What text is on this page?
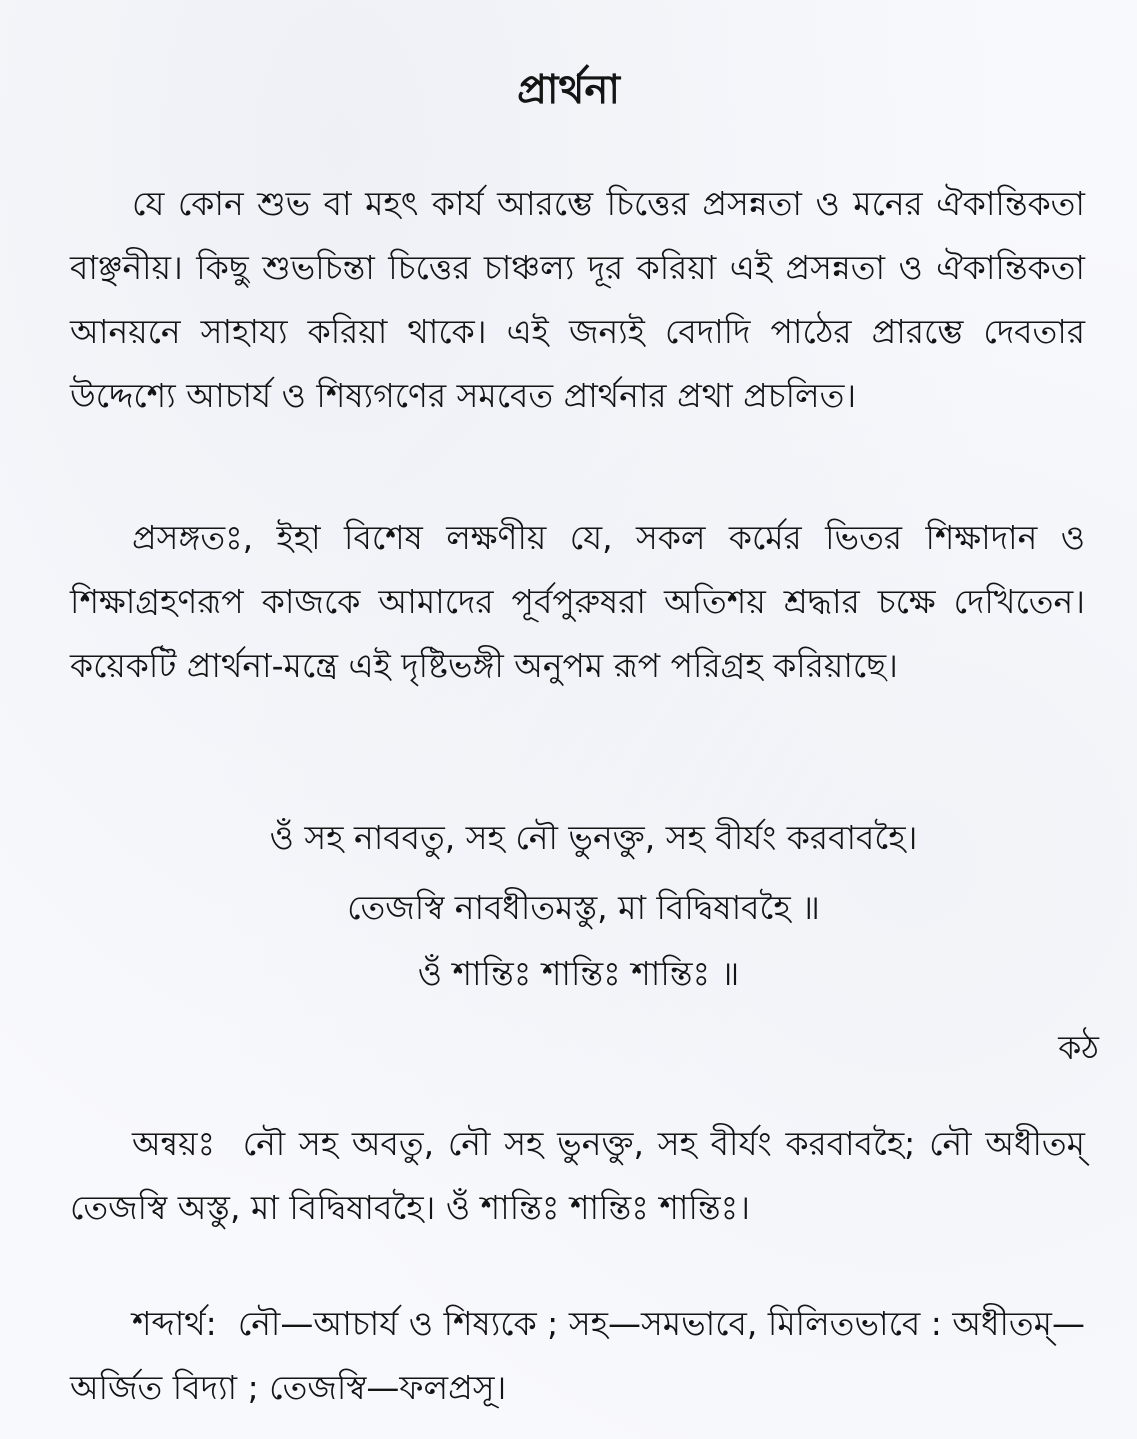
প্রার্থনা
যে কোন শুভ বা মহৎ কার্য আরম্ভে চিত্তের প্রসন্নতা ও মনের ঐকান্তিকতা বাঞ্ছনীয়। কিছু শুভচিন্তা চিত্তের চাঞ্চল্য দূর করিয়া এই প্রসন্নতা ও ঐকান্তিকতা আনয়নে সাহায্য করিয়া থাকে। এই জন্যই বেদাদি পাঠের প্রারম্ভে দেবতার উদ্দেশ্যে আচার্য ও শিষ্যগণের সমবেত প্রার্থনার প্রথা প্রচলিত।
প্রসঙ্গতঃ, ইহা বিশেষ লক্ষণীয় যে, সকল কর্মের ভিতর শিক্ষাদান ও শিক্ষাগ্রহণরূপ কাজকে আমাদের পূর্বপুরুষরা অতিশয় শ্রদ্ধার চক্ষে দেখিতেন। কয়েকটি প্রার্থনা-মন্ত্রে এই দৃষ্টিভঙ্গী অনুপম রূপ পরিগ্রহ করিয়াছে।
ওঁ সহ নাববতু, সহ নৌ ভুনক্তু, সহ বীর্যং করবাবহৈ।
তেজস্বি নাবধীতমস্তু, মা বিদ্বিষাবহৈ ॥
ওঁ শান্তিঃ শান্তিঃ শান্তিঃ ॥
কঠ
অন্বয়ঃ নৌ সহ অবতু, নৌ সহ ভুনক্তু, সহ বীর্যং করবাবহৈ; নৌ অধীতম্ তেজস্বি অস্তু, মা বিদ্বিষাবহৈ। ওঁ শান্তিঃ শান্তিঃ শান্তিঃ।
শব্দার্থ: নৌ—আচার্য ও শিষ্যকে ; সহ—সমভাবে, মিলিতভাবে : অধীতম্—অর্জিত বিদ্যা ; তেজস্বি—ফলপ্রসূ।
